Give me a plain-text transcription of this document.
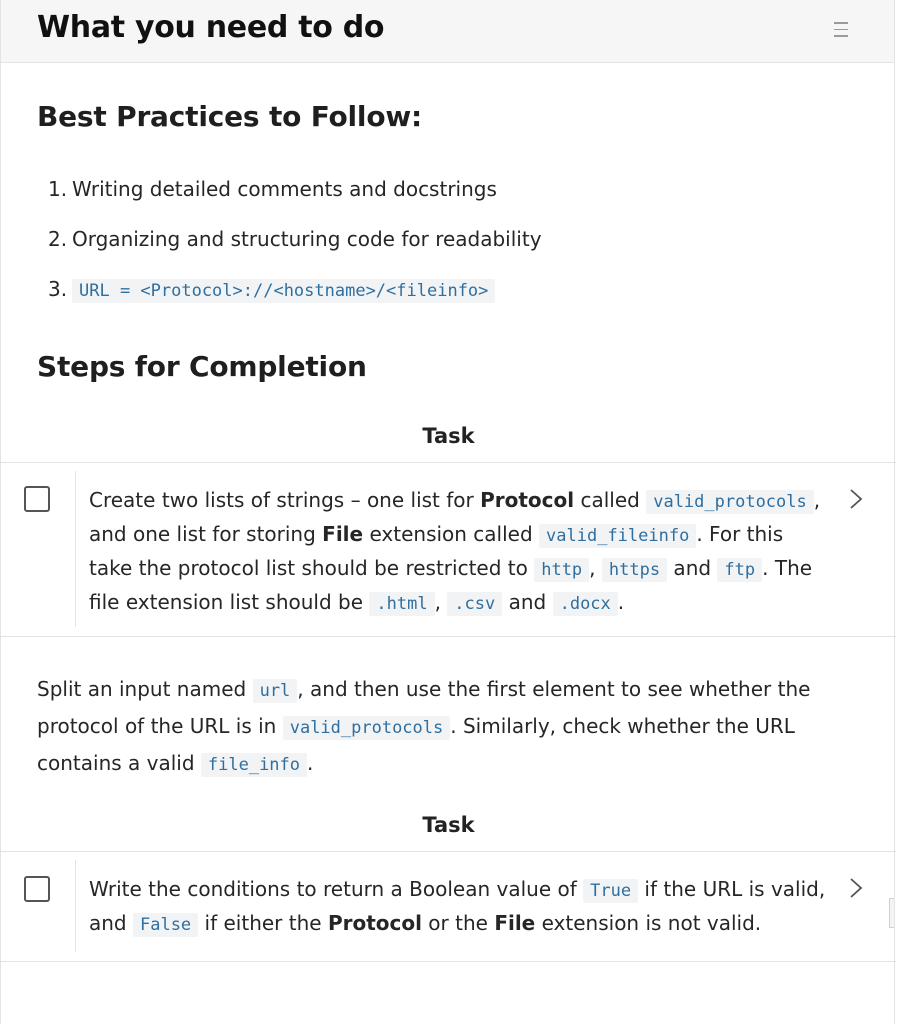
What you need to do
Best Practices to Follow:
1. Writing detailed comments and docstrings
2. Organizing and structuring code for readability
3. URL = <Protocol>://<hostname>/<fileinfo>
Steps for Completion
Task
Create two lists of strings – one list for Protocol called valid_protocols , and one list for storing File extension called valid_fileinfo . For this take the protocol list should be restricted to http , https and ftp . The file extension list should be .html , .csv and .docx .

Split an input named url , and then use the first element to see whether the protocol of the URL is in valid_protocols . Similarly, check whether the URL contains a valid file_info .

Task
Write the conditions to return a Boolean value of True if the URL is valid, and False if either the Protocol or the File extension is not valid.
